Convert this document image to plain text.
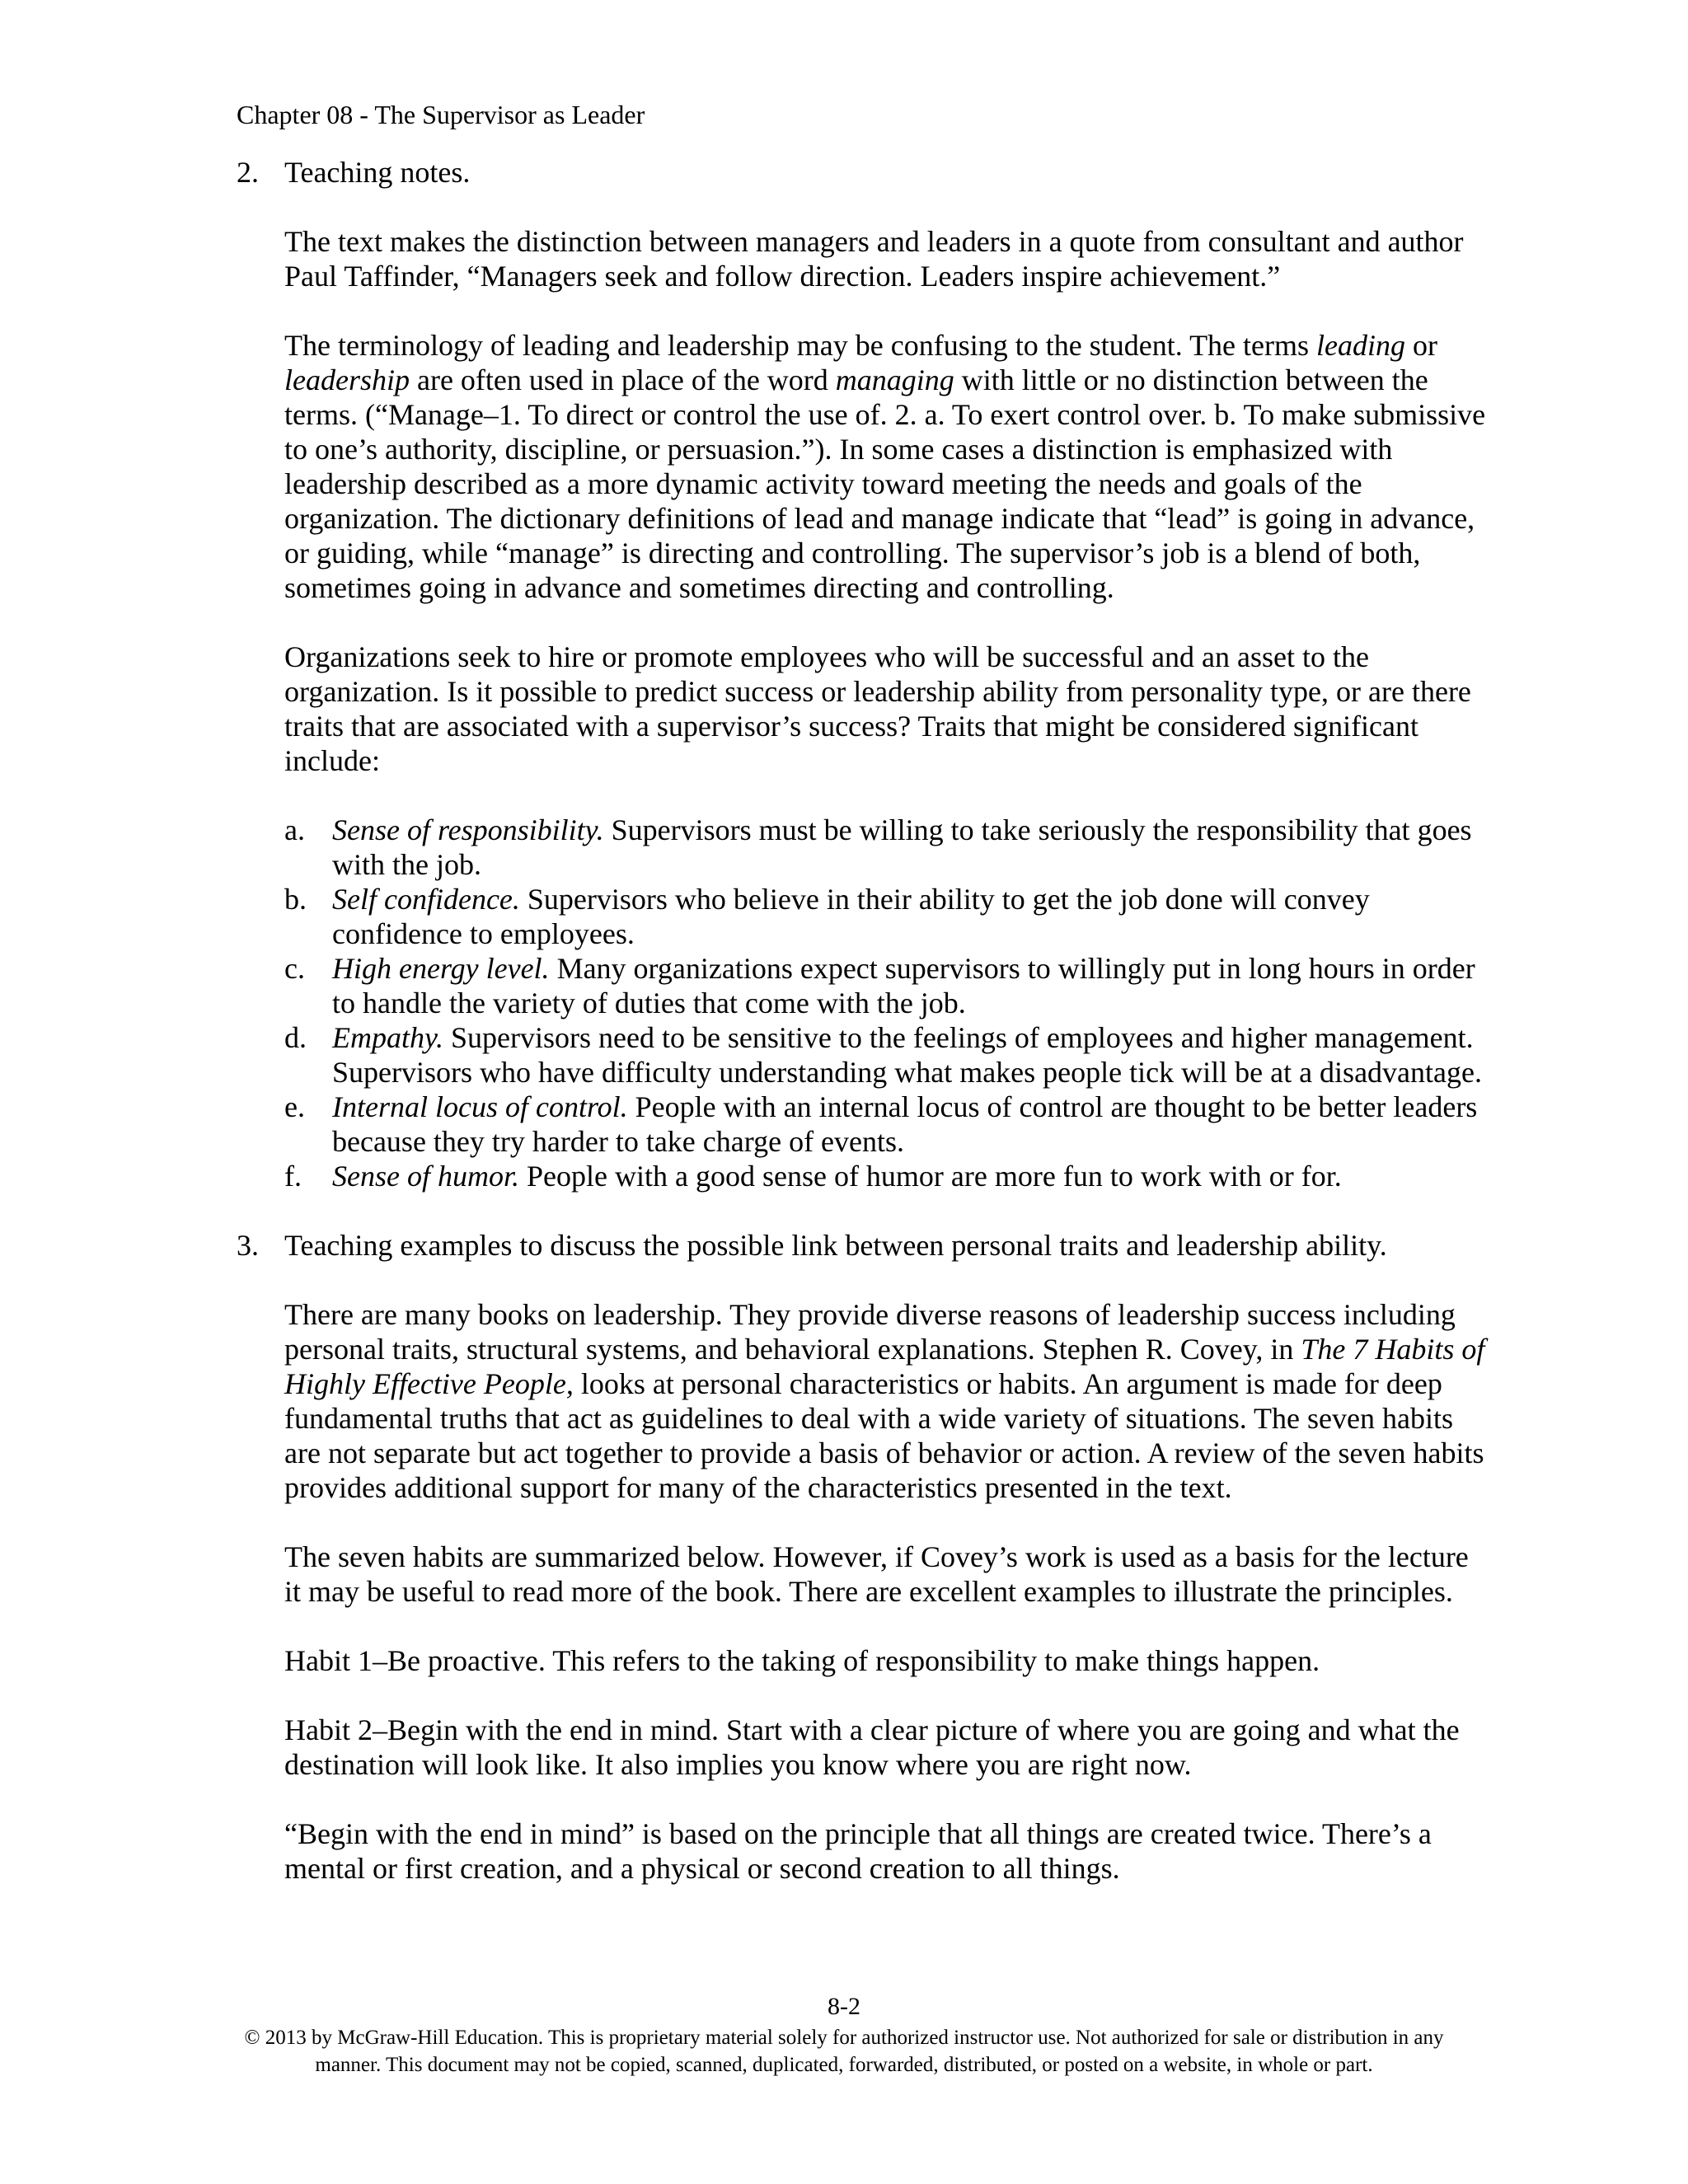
Chapter 08 - The Supervisor as Leader
2. Teaching notes.

The text makes the distinction between managers and leaders in a quote from consultant and author Paul Taffinder, “Managers seek and follow direction. Leaders inspire achievement.”

The terminology of leading and leadership may be confusing to the student. The terms leading or leadership are often used in place of the word managing with little or no distinction between the terms. (“Manage–1. To direct or control the use of. 2. a. To exert control over. b. To make submissive to one’s authority, discipline, or persuasion.”). In some cases a distinction is emphasized with leadership described as a more dynamic activity toward meeting the needs and goals of the organization. The dictionary definitions of lead and manage indicate that “lead” is going in advance, or guiding, while “manage” is directing and controlling. The supervisor’s job is a blend of both, sometimes going in advance and sometimes directing and controlling.

Organizations seek to hire or promote employees who will be successful and an asset to the organization. Is it possible to predict success or leadership ability from personality type, or are there traits that are associated with a supervisor’s success? Traits that might be considered significant include:

a. Sense of responsibility. Supervisors must be willing to take seriously the responsibility that goes with the job.
b. Self confidence. Supervisors who believe in their ability to get the job done will convey confidence to employees.
c. High energy level. Many organizations expect supervisors to willingly put in long hours in order to handle the variety of duties that come with the job.
d. Empathy. Supervisors need to be sensitive to the feelings of employees and higher management. Supervisors who have difficulty understanding what makes people tick will be at a disadvantage.
e. Internal locus of control. People with an internal locus of control are thought to be better leaders because they try harder to take charge of events.
f. Sense of humor. People with a good sense of humor are more fun to work with or for.
3. Teaching examples to discuss the possible link between personal traits and leadership ability.

There are many books on leadership. They provide diverse reasons of leadership success including personal traits, structural systems, and behavioral explanations. Stephen R. Covey, in The 7 Habits of Highly Effective People, looks at personal characteristics or habits. An argument is made for deep fundamental truths that act as guidelines to deal with a wide variety of situations. The seven habits are not separate but act together to provide a basis of behavior or action. A review of the seven habits provides additional support for many of the characteristics presented in the text.

The seven habits are summarized below. However, if Covey’s work is used as a basis for the lecture it may be useful to read more of the book. There are excellent examples to illustrate the principles.

Habit 1–Be proactive. This refers to the taking of responsibility to make things happen.

Habit 2–Begin with the end in mind. Start with a clear picture of where you are going and what the destination will look like. It also implies you know where you are right now.

“Begin with the end in mind” is based on the principle that all things are created twice. There’s a mental or first creation, and a physical or second creation to all things.

8-2
© 2013 by McGraw-Hill Education. This is proprietary material solely for authorized instructor use. Not authorized for sale or distribution in any manner. This document may not be copied, scanned, duplicated, forwarded, distributed, or posted on a website, in whole or part.
